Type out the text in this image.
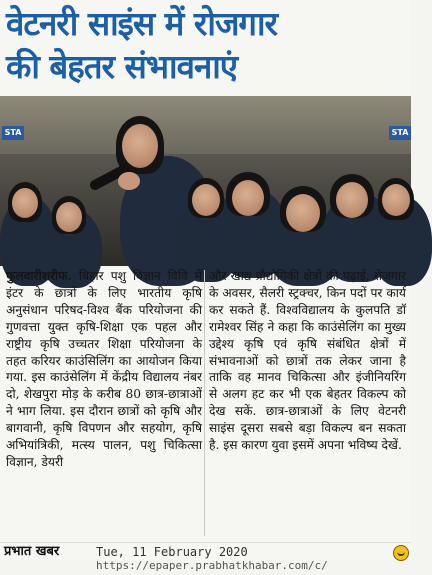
वेटनरी साइंस में रोजगार
की बेहतर संभावनाएं
STA	STA
फुलवारीशरीफ. बिहार पशु विज्ञान विवि में इंटर के छात्रों के लिए भारतीय कृषि अनुसंधान परिषद-विश्व बैंक परियोजना की गुणवत्ता युक्त कृषि-शिक्षा एक पहल और राष्ट्रीय कृषि उच्चतर शिक्षा परियोजना के तहत करियर काउंसिलिंग का आयोजन किया गया. इस काउंसेलिंग में केंद्रीय विद्यालय नंबर दो, शेखपुरा मोड़ के करीब 80 छात्र-छात्राओं ने भाग लिया. इस दौरान छात्रों को कृषि और बागवानी, कृषि विपणन और सहयोग, कृषि अभियांत्रिकी, मत्स्य पालन, पशु चिकित्सा विज्ञान, डेयरी
और खाद्य प्रौद्योगिकी क्षेत्रों की पढ़ाई, रोजगार के अवसर, सैलरी स्ट्रक्चर, किन पदों पर कार्य कर सकते हैं. विश्वविद्यालय के कुलपति डॉ रामेश्वर सिंह ने कहा कि काउंसेलिंग का मुख्य उद्देश्य कृषि एवं कृषि संबंधित क्षेत्रों में संभावनाओं को छात्रों तक लेकर जाना है ताकि वह मानव चिकित्सा और इंजीनियरिंग से अलग हट कर भी एक बेहतर विकल्प को देख सकें. छात्र-छात्राओं के लिए वेटनरी साइंस दूसरा सबसे बड़ा विकल्प बन सकता है. इस कारण युवा इसमें अपना भविष्य देखें.
प्रभात खबर	Tue, 11 February 2020
https://epaper.prabhatkhabar.com/c/
